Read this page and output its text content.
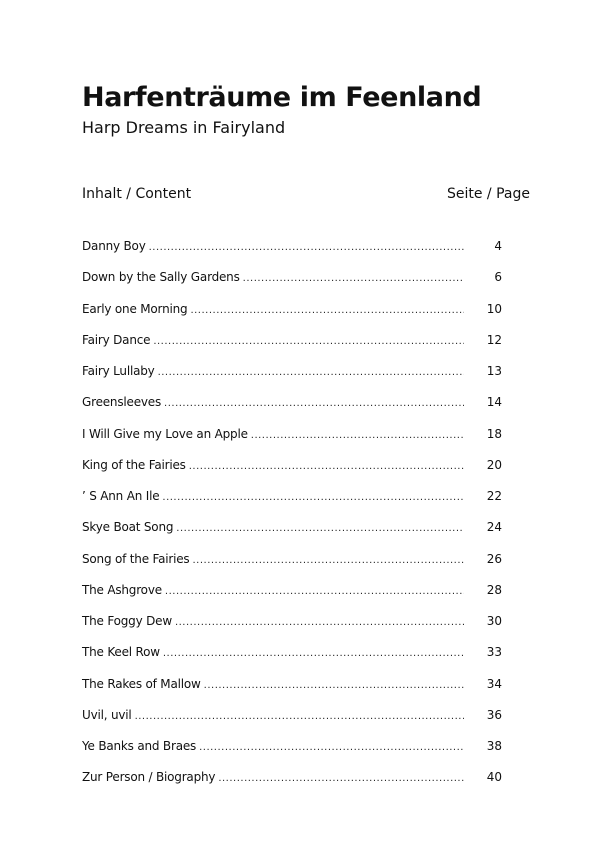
Harfenträume im Feenland
Harp Dreams in Fairyland
Inhalt / Content	Seite / Page
Danny Boy .....	4
Down by the Sally Gardens .....	6
Early one Morning .....	10
Fairy Dance .....	12
Fairy Lullaby .....	13
Greensleeves .....	14
I Will Give my Love an Apple .....	18
King of the Fairies .....	20
’ S Ann An Ile .....	22
Skye Boat Song .....	24
Song of the Fairies .....	26
The Ashgrove .....	28
The Foggy Dew .....	30
The Keel Row .....	33
The Rakes of Mallow .....	34
Uvil, uvil .....	36
Ye Banks and Braes .....	38
Zur Person / Biography .....	40
